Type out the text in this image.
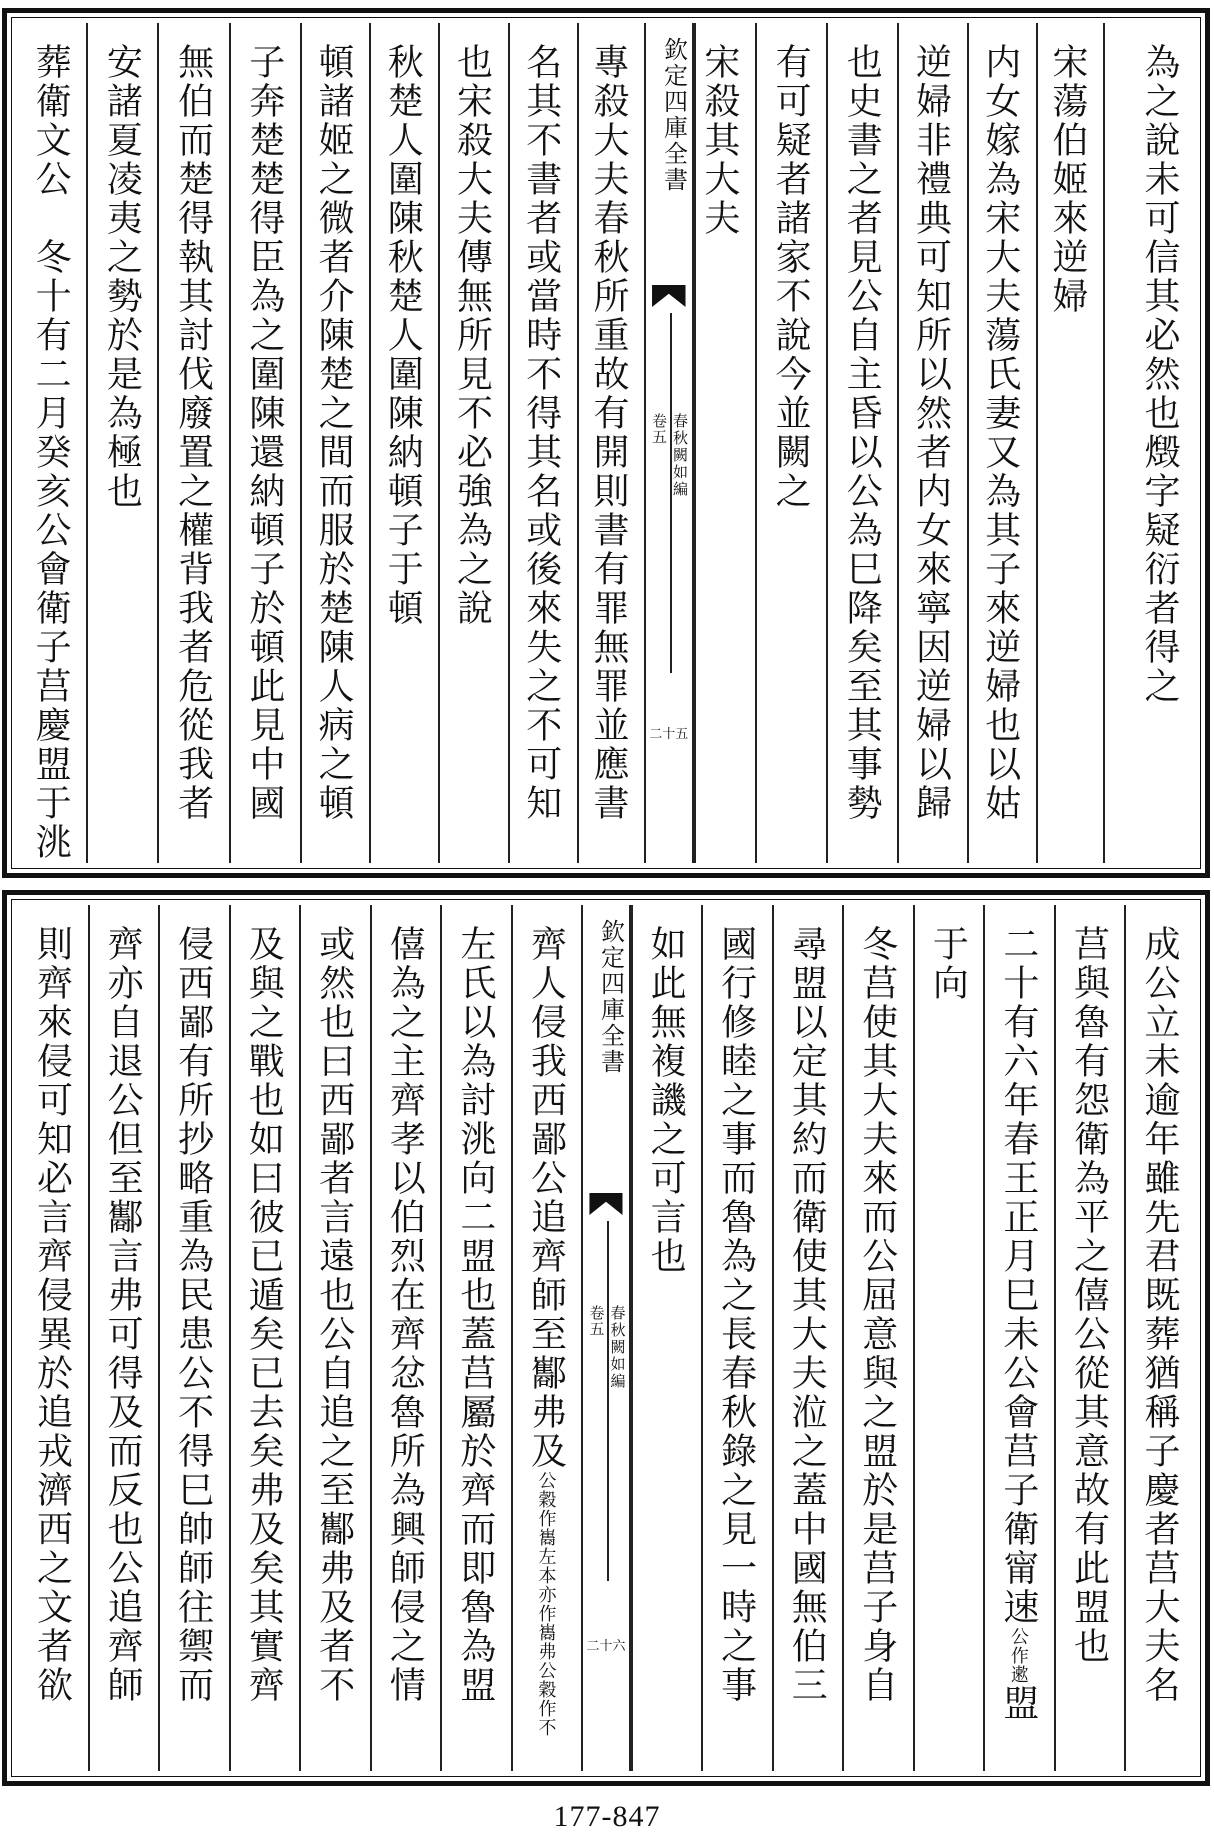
為之說未可信其必然也燬字疑衍者得之
宋蕩伯姬來逆婦
内女嫁為宋大夫蕩氏妻又為其子來逆婦也以姑
逆婦非禮典可知所以然者内女來寧因逆婦以歸
也史書之者見公自主昏以公為巳降矣至其事勢
有可疑者諸家不說今並闕之
宋殺其大夫
欽定四庫全書
春秋闕如編
卷五
二十五
專殺大夫春秋所重故有開則書有罪無罪並應書
名其不書者或當時不得其名或後來失之不可知
也宋殺大夫傳無所見不必強為之說
秋楚人圍陳秋楚人圍陳納頓子于頓
頓諸姬之微者介陳楚之間而服於楚陳人病之頓
子奔楚楚得臣為之圍陳還納頓子於頓此見中國
無伯而楚得執其討伐廢置之權背我者危從我者
安諸夏凌夷之勢於是為極也
葬衛文公　冬十有二月癸亥公會衛子莒慶盟于洮
成公立未逾年雖先君既葬猶稱子慶者莒大夫名
莒與魯有怨衛為平之僖公從其意故有此盟也
二十有六年春王正月巳未公會莒子衛甯速公作遬盟
于向
冬莒使其大夫來而公屈意與之盟於是莒子身自
尋盟以定其約而衛使其大夫涖之蓋中國無伯三
國行修睦之事而魯為之長春秋錄之見一時之事
如此無複譏之可言也
欽定四庫全書
春秋闕如編
卷五
二十六
齊人侵我西鄙公追齊師至酅弗及公穀作巂左本亦作巂弗公穀作不
左氏以為討洮向二盟也蓋莒屬於齊而即魯為盟
僖為之主齊孝以伯烈在齊忿魯所為興師侵之情
或然也曰西鄙者言遠也公自追之至酅弗及者不
及與之戰也如曰彼已遁矣已去矣弗及矣其實齊
侵西鄙有所抄略重為民患公不得巳帥師往禦而
齊亦自退公但至酅言弗可得及而反也公追齊師
則齊來侵可知必言齊侵異於追戎濟西之文者欲
177-847
